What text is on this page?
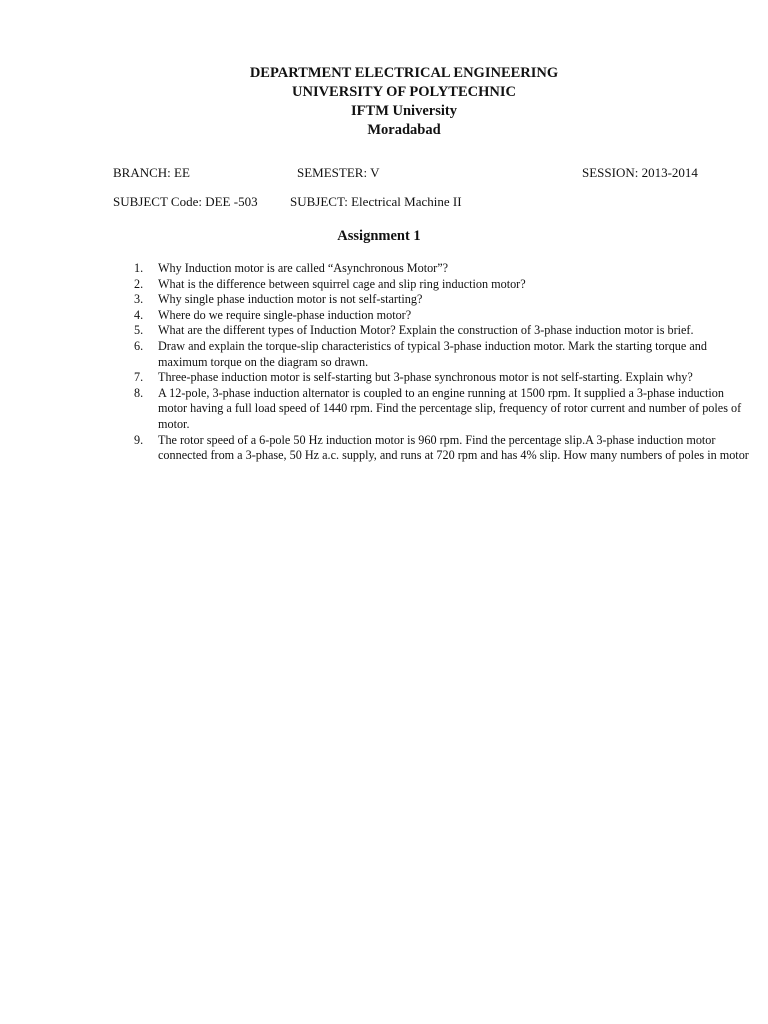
DEPARTMENT ELECTRICAL ENGINEERING
UNIVERSITY OF POLYTECHNIC
IFTM University
Moradabad
BRANCH: EE	SEMESTER: V	SESSION: 2013-2014
SUBJECT Code: DEE -503 SUBJECT: Electrical Machine II
Assignment 1
1. Why Induction motor is are called “Asynchronous Motor”?
2. What is the difference between squirrel cage and slip ring induction motor?
3. Why single phase induction motor is not self-starting?
4. Where do we require single-phase induction motor?
5. What are the different types of Induction Motor? Explain the construction of 3-phase induction motor is brief.
6. Draw and explain the torque-slip characteristics of typical 3-phase induction motor. Mark the starting torque and maximum torque on the diagram so drawn.
7. Three-phase induction motor is self-starting but 3-phase synchronous motor is not self-starting. Explain why?
8. A 12-pole, 3-phase induction alternator is coupled to an engine running at 1500 rpm. It supplied a 3-phase induction motor having a full load speed of 1440 rpm. Find the percentage slip, frequency of rotor current and number of poles of motor.
9. The rotor speed of a 6-pole 50 Hz induction motor is 960 rpm. Find the percentage slip.A 3-phase induction motor connected from a 3-phase, 50 Hz a.c. supply, and runs at 720 rpm and has 4% slip. How many numbers of poles in motor
